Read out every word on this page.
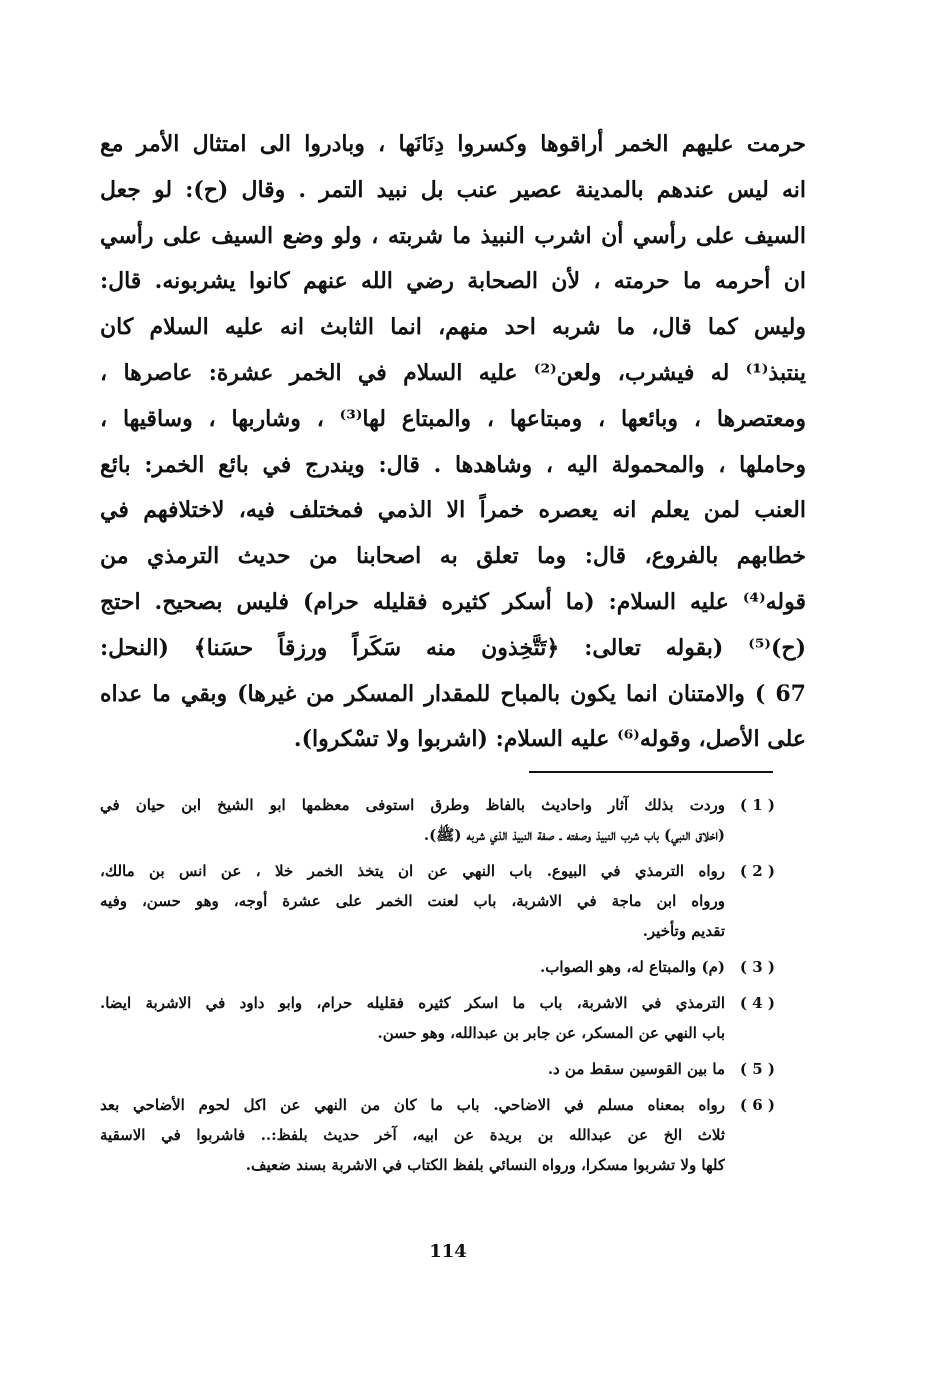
حرمت عليهم الخمر أراقوها وكسروا دِنَانَها ، وبادروا الى امتثال الأمر مع
انه ليس عندهم بالمدينة عصير عنب بل نبيد التمر . وقال (ح): لو جعل
السيف على رأسي أن اشرب النبيذ ما شربته ، ولو وضع السيف على رأسي
ان أحرمه ما حرمته ، لأن الصحابة رضي الله عنهم كانوا يشربونه. قال:
وليس كما قال، ما شربه احد منهم، انما الثابث انه عليه السلام كان
ينتبذ⁽¹⁾ له فيشرب، ولعن⁽²⁾ عليه السلام في الخمر عشرة: عاصرها ،
ومعتصرها ، وبائعها ، ومبتاعها ، والمبتاع لها⁽³⁾ ، وشاربها ، وساقيها ،
وحاملها ، والمحمولة اليه ، وشاهدها . قال: ويندرج في بائع الخمر: بائع
العنب لمن يعلم انه يعصره خمراً الا الذمي فمختلف فيه، لاختلافهم في
خطابهم بالفروع، قال: وما تعلق به اصحابنا من حديث الترمذي من
قوله⁽⁴⁾ عليه السلام: (ما أسكر كثيره فقليله حرام) فليس بصحيح. احتج
(ح)⁽⁵⁾ (بقوله تعالى: ﴿تَتَّخِذون منه سَكَراً ورزقاً حسَنا﴾ (النحل:
67 ) والامتنان انما يكون بالمباح للمقدار المسكر من غيرها) وبقي ما عداه
على الأصل، وقوله⁽⁶⁾ عليه السلام: (اشربوا ولا تسْكروا).
( 1 )
وردت بذلك آثار واحاديث بالفاظ وطرق استوفى معظمها ابو الشيخ ابن حيان في
(اخلاق النبي) باب شرب النبيذ وصفته ـ صفة النبيذ الذي شربه (ﷺ).
( 2 )
رواه الترمذي في البيوع. باب النهي عن ان يتخذ الخمر خلا ، عن انس بن مالك،
ورواه ابن ماجة في الاشربة، باب لعنت الخمر على عشرة أوجه، وهو حسن، وفيه
تقديم وتأخير.
( 3 )
(م) والمبتاع له، وهو الصواب.
( 4 )
الترمذي في الاشربة، باب ما اسكر كثيره فقليله حرام، وابو داود في الاشربة ايضا.
باب النهي عن المسكر، عن جابر بن عبدالله، وهو حسن.
( 5 )
ما بين القوسين سقط من د.
( 6 )
رواه بمعناه مسلم في الاضاحي. باب ما كان من النهي عن اكل لحوم الأضاحي بعد
ثلاث الخ عن عبدالله بن بريدة عن ابيه، آخر حديث بلفظ:.. فاشربوا في الاسقية
كلها ولا تشربوا مسكرا، ورواه النسائي بلفظ الكتاب في الاشربة بسند ضعيف.
114
